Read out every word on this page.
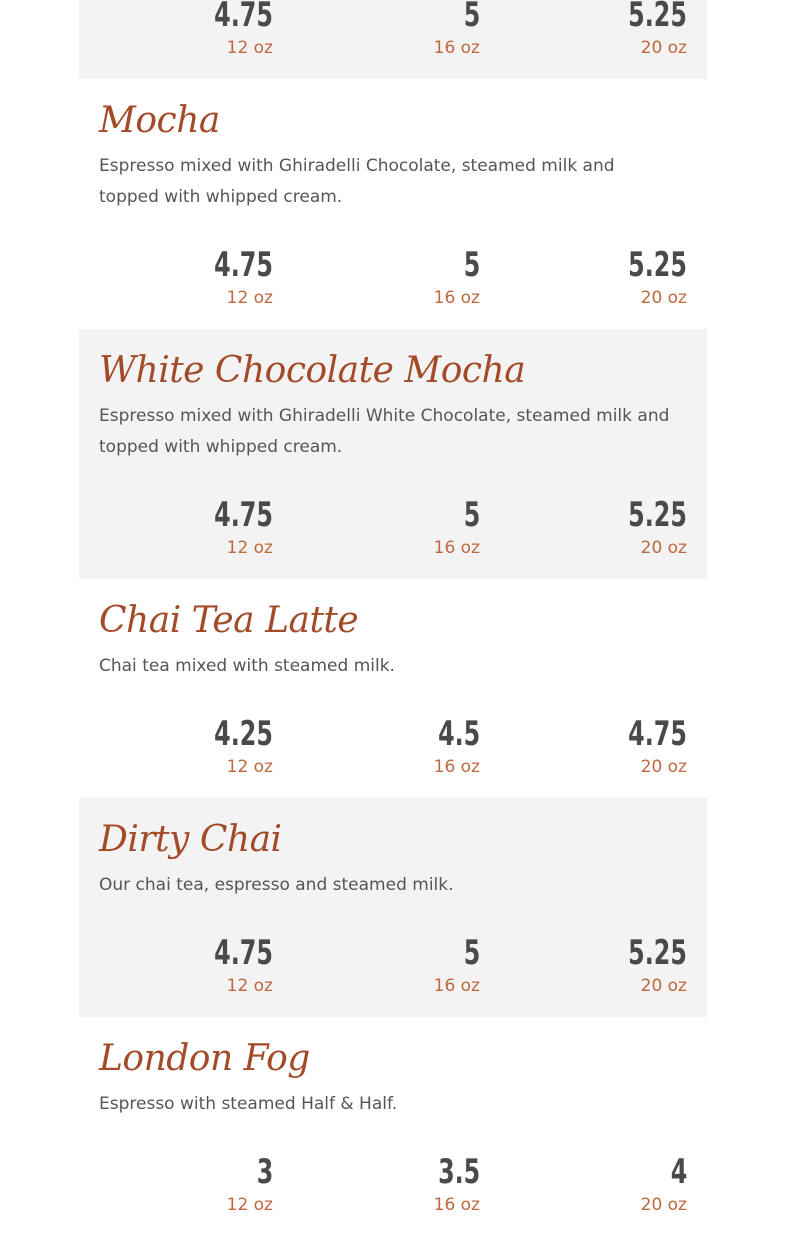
4.75
12 oz
5
16 oz
5.25
20 oz
Mocha

Espresso mixed with Ghiradelli Chocolate, steamed milk and topped with whipped cream.

4.75
12 oz
5
16 oz
5.25
20 oz
White Chocolate Mocha

Espresso mixed with Ghiradelli White Chocolate, steamed milk and topped with whipped cream.

4.75
12 oz
5
16 oz
5.25
20 oz
Chai Tea Latte

Chai tea mixed with steamed milk.

4.25
12 oz
4.5
16 oz
4.75
20 oz
Dirty Chai

Our chai tea, espresso and steamed milk.

4.75
12 oz
5
16 oz
5.25
20 oz
London Fog

Espresso with steamed Half & Half.

3
12 oz
3.5
16 oz
4
20 oz
